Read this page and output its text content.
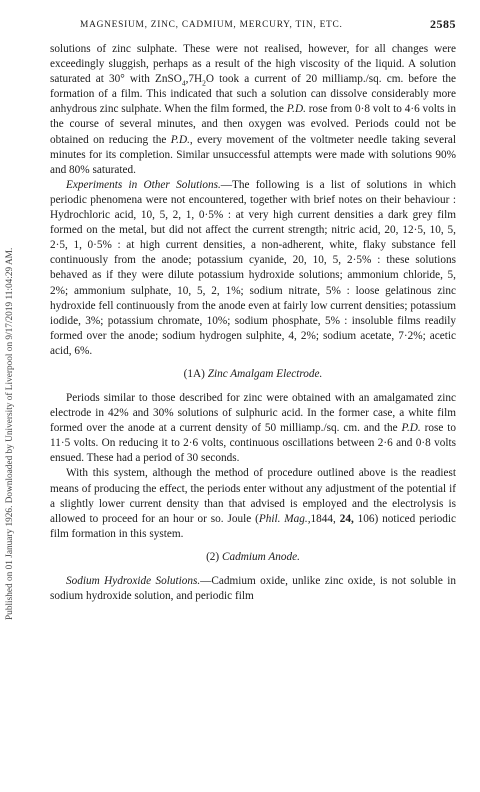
Published on 01 January 1926. Downloaded by University of Liverpool on 9/17/2019 11:04:29 AM.
MAGNESIUM, ZINC, CADMIUM, MERCURY, TIN, ETC.	2585

solutions of zinc sulphate. These were not realised, however, for all changes were exceedingly sluggish, perhaps as a result of the high viscosity of the liquid. A solution saturated at 30° with $ZnSO_4,7H_2O$ took a current of 20 milliamp./sq. cm. before the formation of a film. This indicated that such a solution can dissolve considerably more anhydrous zinc sulphate. When the film formed, the P.D. rose from 0·8 volt to 4·6 volts in the course of several minutes, and then oxygen was evolved. Periods could not be obtained on reducing the P.D., every movement of the voltmeter needle taking several minutes for its completion. Similar unsuccessful attempts were made with solutions 90% and 80% saturated.

Experiments in Other Solutions.—The following is a list of solutions in which periodic phenomena were not encountered, together with brief notes on their behaviour : Hydrochloric acid, 10, 5, 2, 1, 0·5% : at very high current densities a dark grey film formed on the metal, but did not affect the current strength; nitric acid, 20, 12·5, 10, 5, 2·5, 1, 0·5% : at high current densities, a non-adherent, white, flaky substance fell continuously from the anode; potassium cyanide, 20, 10, 5, 2·5% : these solutions behaved as if they were dilute potassium hydroxide solutions; ammonium chloride, 5, 2%; ammonium sulphate, 10, 5, 2, 1%; sodium nitrate, 5% : loose gelatinous zinc hydroxide fell continuously from the anode even at fairly low current densities; potassium iodide, 3%; potassium chromate, 10%; sodium phosphate, 5% : insoluble films readily formed over the anode; sodium hydrogen sulphite, 4, 2%; sodium acetate, 7·2%; acetic acid, 6%.

(1A) Zinc Amalgam Electrode.

Periods similar to those described for zinc were obtained with an amalgamated zinc electrode in 42% and 30% solutions of sulphuric acid. In the former case, a white film formed over the anode at a current density of 50 milliamp./sq. cm. and the P.D. rose to 11·5 volts. On reducing it to 2·6 volts, continuous oscillations between 2·6 and 0·8 volts ensued. These had a period of 30 seconds.

With this system, although the method of procedure outlined above is the readiest means of producing the effect, the periods enter without any adjustment of the potential if a slightly lower current density than that advised is employed and the electrolysis is allowed to proceed for an hour or so. Joule (Phil. Mag.,1844, 24, 106) noticed periodic film formation in this system.

(2) Cadmium Anode.

Sodium Hydroxide Solutions.—Cadmium oxide, unlike zinc oxide, is not soluble in sodium hydroxide solution, and periodic film
